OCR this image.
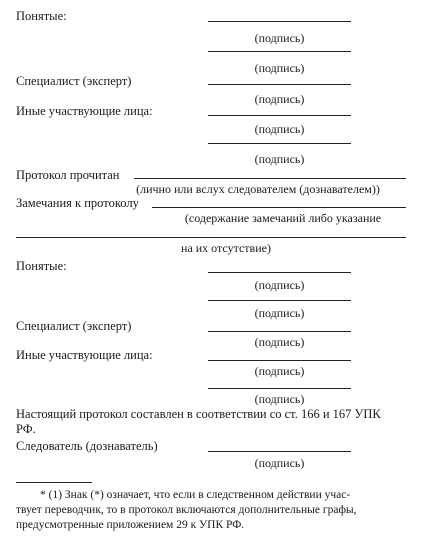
Понятые:
(подпись)
(подпись)
Специалист (эксперт)
(подпись)
Иные участвующие лица:
(подпись)
(подпись)
Протокол прочитан
(лично или вслух следователем (дознавателем))
Замечания к протоколу
(содержание замечаний либо указание
на их отсутствие)
Понятые:
(подпись)
(подпись)
Специалист (эксперт)
(подпись)
Иные участвующие лица:
(подпись)
(подпись)
Настоящий протокол составлен в соответствии со ст. 166 и 167 УПК
РФ.
Следователь (дознаватель)
(подпись)
* (1) Знак (*) означает, что если в следственном действии учас-
твует переводчик, то в протокол включаются дополнительные графы,
предусмотренные приложением 29 к УПК РФ.
